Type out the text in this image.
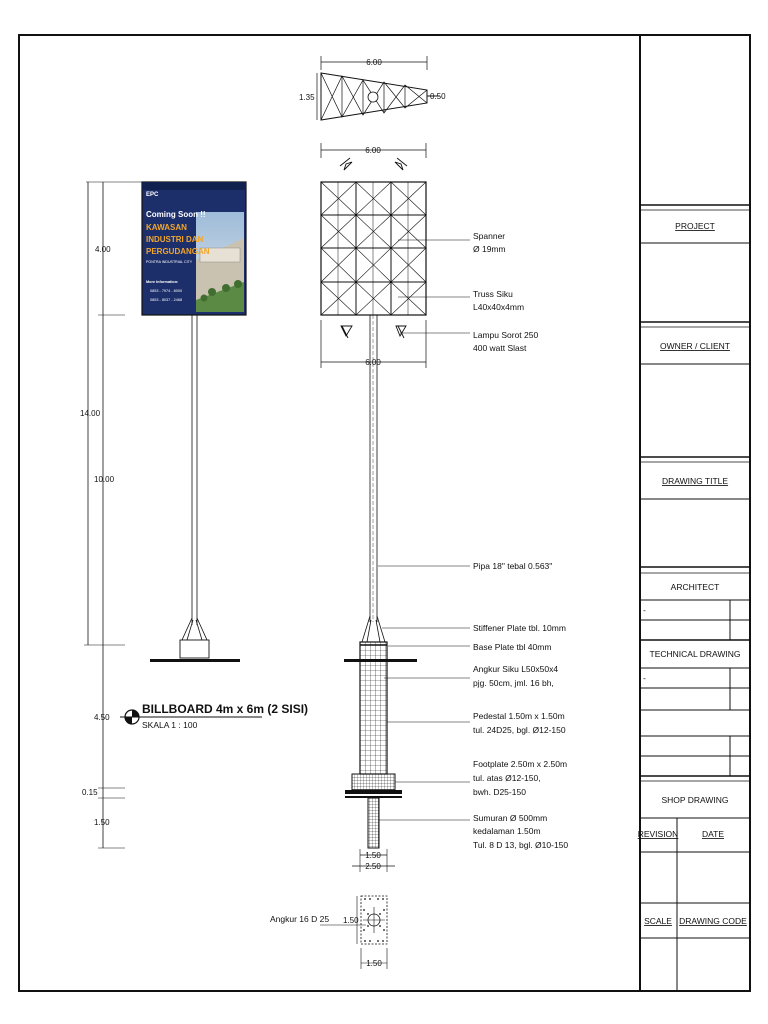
PROJECT
OWNER / CLIENT
DRAWING TITLE
ARCHITECT
-
TECHNICAL DRAWING
-
SHOP DRAWING
REVISION	DATE
SCALE DRAWING CODE
EPC
Coming Soon !!
KAWASAN
INDUSTRI DAN
PERGUDANGAN
PONTRA INDUSTRIAL CITY
More Information:
0853 - 7974 - 8000
0853 - 8037 - 2468
4.00
14.00
10.00
4.50
0.15
1.50
BILLBOARD 4m x 6m (2 SISI)
SKALA 1 : 100
6.00
1.35	0.50
6.00
6.00
1.50
2.50
Spanner
Ø 19mm
Truss Siku
L40x40x4mm
Lampu Sorot 250
400 watt Slast
Pipa 18" tebal 0.563"
Stiffener Plate tbl. 10mm
Base Plate tbl 40mm
Angkur Siku L50x50x4
pjg. 50cm, jml. 16 bh,
Pedestal 1.50m x 1.50m
tul. 24D25, bgl. Ø12-150
Footplate 2.50m x 2.50m
tul. atas Ø12-150,
bwh. D25-150
Sumuran Ø 500mm
kedalaman 1.50m
Tul. 8 D 13, bgl. Ø10-150
Angkur 16 D 25 1.50
1.50
